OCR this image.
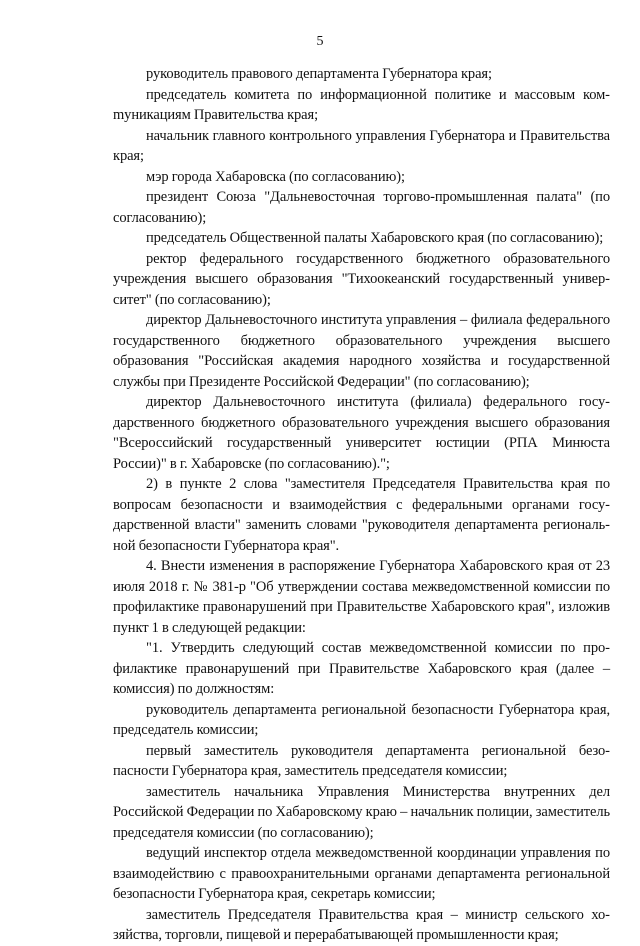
5

руководитель правового департамента Губернатора края;

председатель комитета по информационной политике и массовым комmуникациям Правительства края;

начальник главного контрольного управления Губернатора и Правительства края;

мэр города Хабаровска (по согласованию);

президент Союза "Дальневосточная торгово-промышленная палата" (по согласованию);

председатель Общественной палаты Хабаровского края (по согласованию);

ректор федерального государственного бюджетного образовательного учреждения высшего образования "Тихоокеанский государственный университет" (по согласованию);

директор Дальневосточного института управления – филиала федерального государственного бюджетного образовательного учреждения высшего образования "Российская академия народного хозяйства и государственной службы при Президенте Российской Федерации" (по согласованию);

директор Дальневосточного института (филиала) федерального государственного бюджетного образовательного учреждения высшего образования "Всероссийский государственный университет юстиции (РПА Минюста России)" в г. Хабаровске (по согласованию).";

2) в пункте 2 слова "заместителя Председателя Правительства края по вопросам безопасности и взаимодействия с федеральными органами государственной власти" заменить словами "руководителя департамента региональной безопасности Губернатора края".

4. Внести изменения в распоряжение Губернатора Хабаровского края от 23 июля 2018 г. № 381-р "Об утверждении состава межведомственной комиссии по профилактике правонарушений при Правительстве Хабаровского края", изложив пункт 1 в следующей редакции:

"1. Утвердить следующий состав межведомственной комиссии по профилактике правонарушений при Правительстве Хабаровского края (далее – комиссия) по должностям:

руководитель департамента региональной безопасности Губернатора края, председатель комиссии;

первый заместитель руководителя департамента региональной безопасности Губернатора края, заместитель председателя комиссии;

заместитель начальника Управления Министерства внутренних дел Российской Федерации по Хабаровскому краю – начальник полиции, заместитель председателя комиссии (по согласованию);

ведущий инспектор отдела межведомственной координации управления по взаимодействию с правоохранительными органами департамента региональной безопасности Губернатора края, секретарь комиссии;

заместитель Председателя Правительства края – министр сельского хозяйства, торговли, пищевой и перерабатывающей промышленности края;
